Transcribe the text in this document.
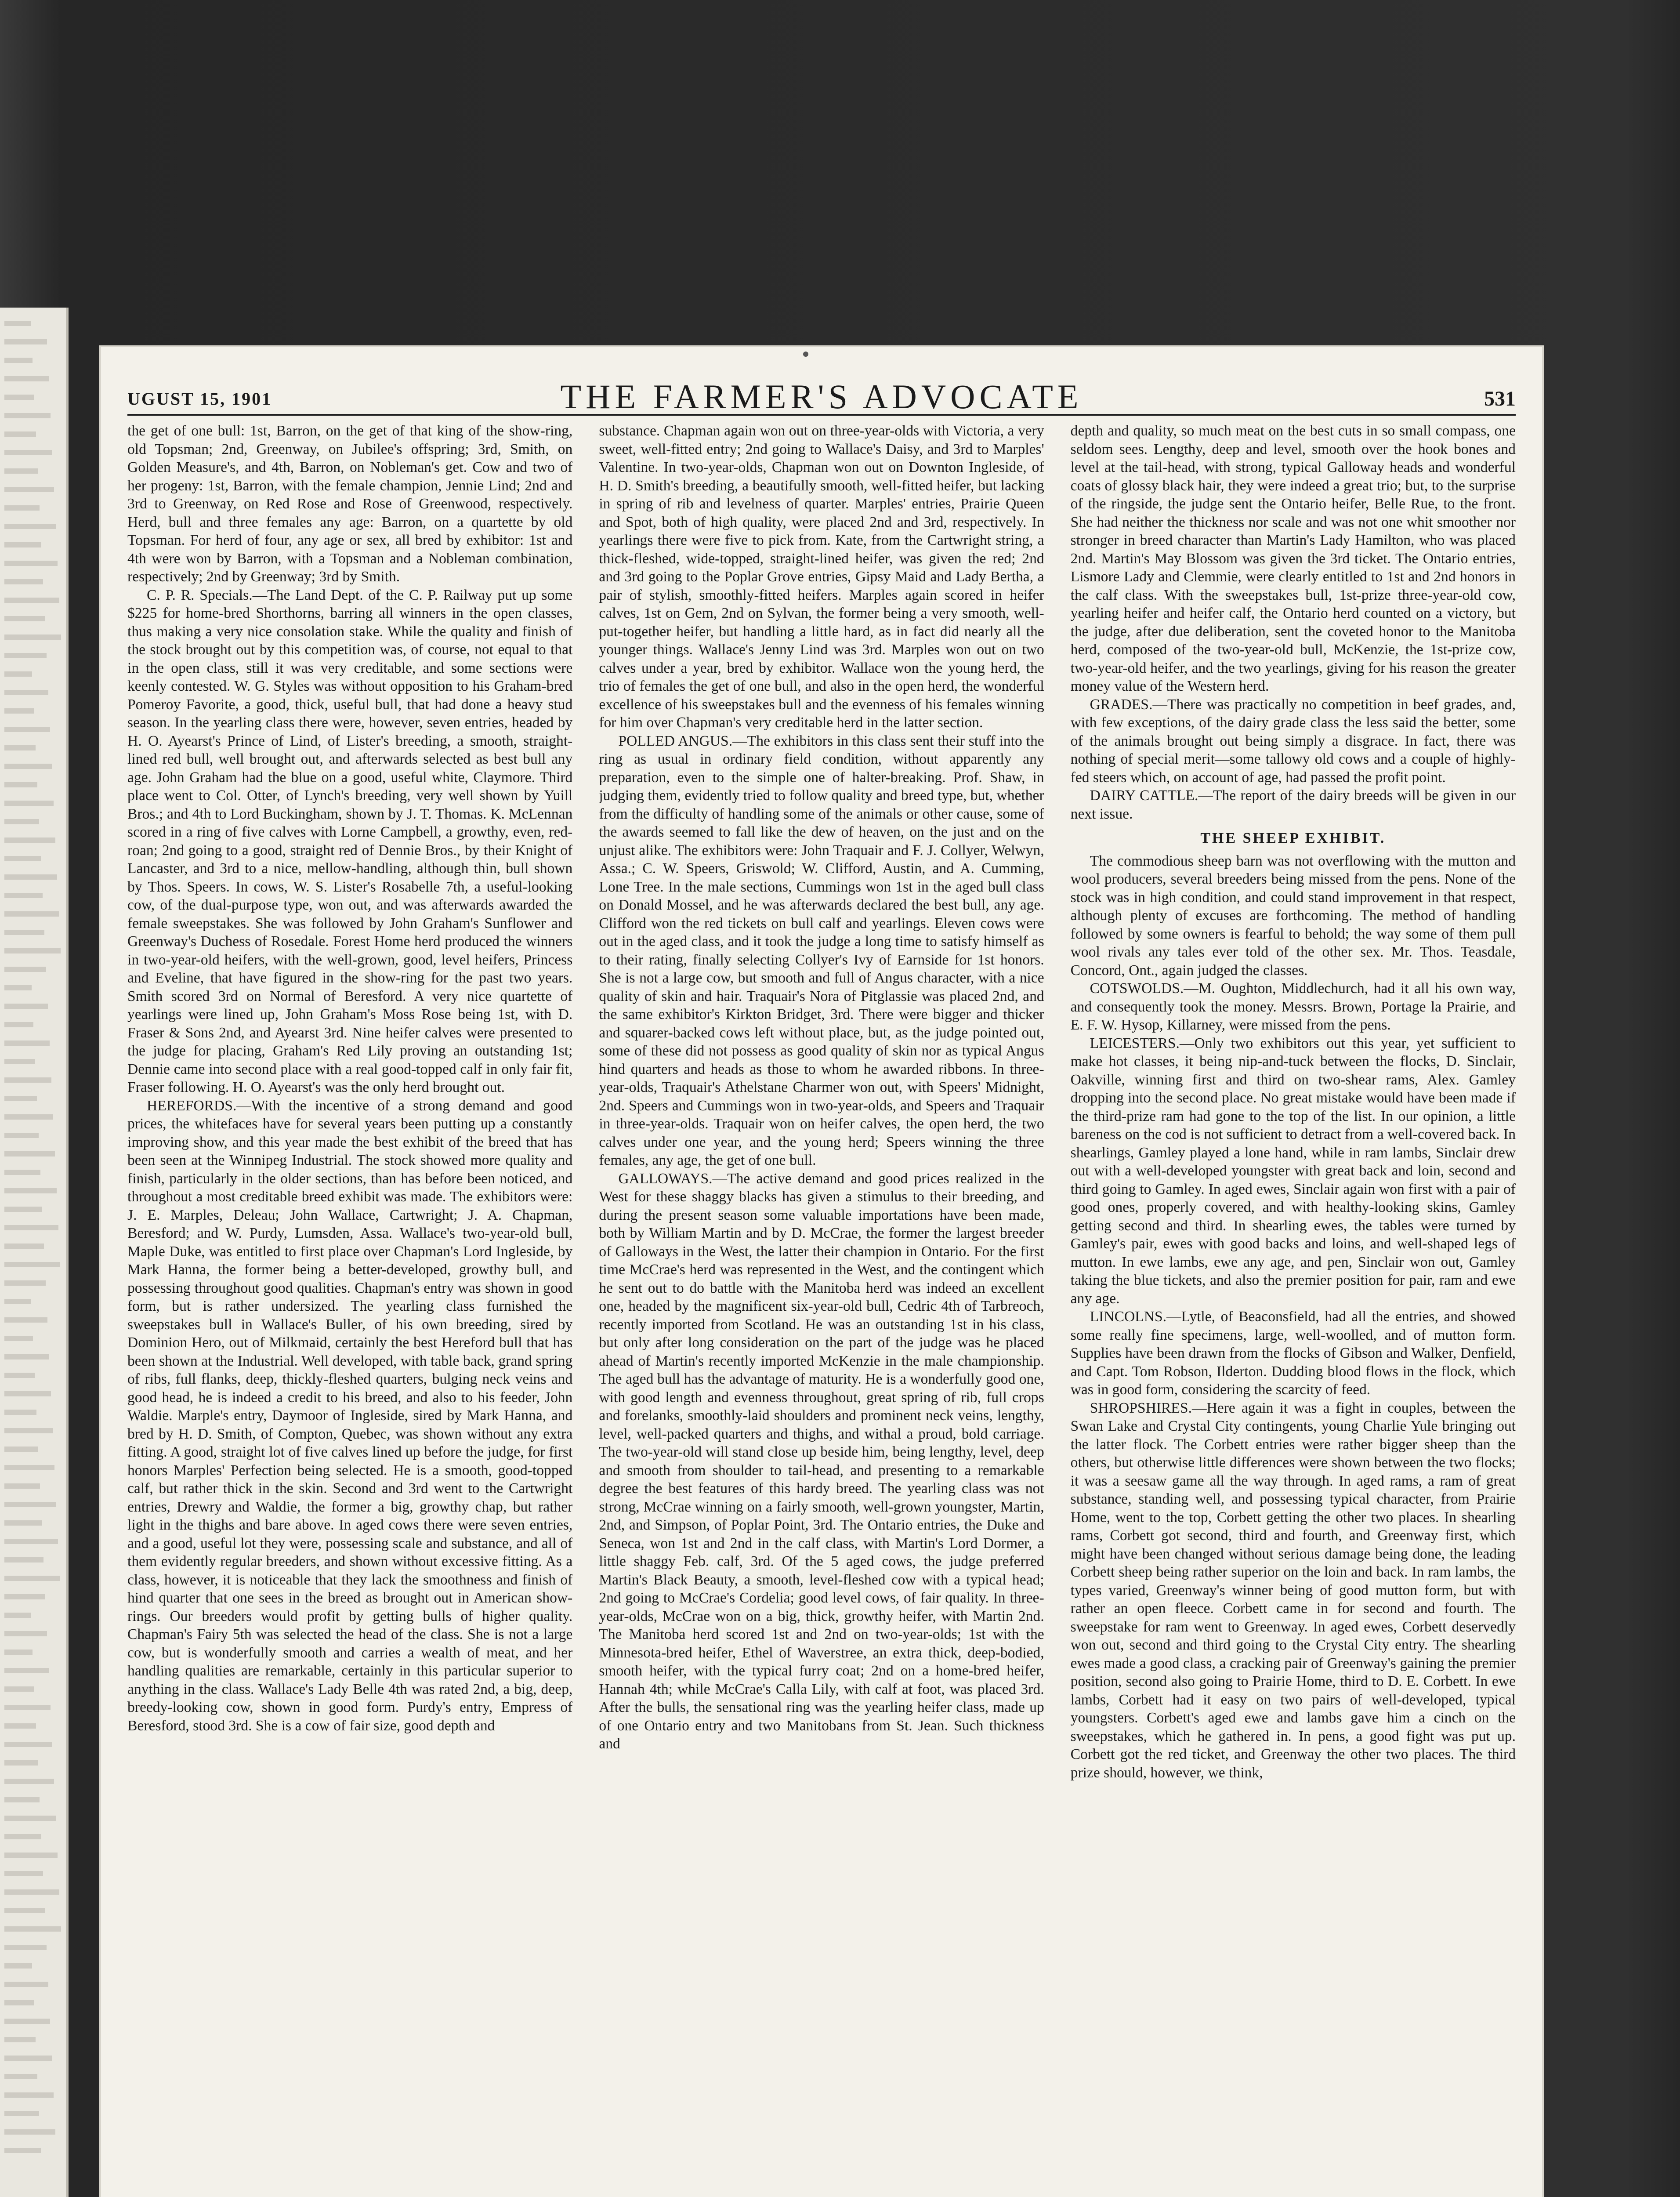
UGUST 15, 1901	THE FARMER'S ADVOCATE	531

the get of one bull: 1st, Barron, on the get of that king of the show-ring, old Topsman; 2nd, Greenway, on Jubilee's offspring; 3rd, Smith, on Golden Measure's, and 4th, Barron, on Nobleman's get. Cow and two of her progeny: 1st, Barron, with the female champion, Jennie Lind; 2nd and 3rd to Greenway, on Red Rose and Rose of Greenwood, respectively. Herd, bull and three females any age: Barron, on a quartette by old Topsman. For herd of four, any age or sex, all bred by exhibitor: 1st and 4th were won by Barron, with a Topsman and a Nobleman combination, respectively; 2nd by Greenway; 3rd by Smith.

C. P. R. Specials.—The Land Dept. of the C. P. Railway put up some $225 for home-bred Shorthorns, barring all winners in the open classes, thus making a very nice consolation stake. While the quality and finish of the stock brought out by this competition was, of course, not equal to that in the open class, still it was very creditable, and some sections were keenly contested. W. G. Styles was without opposition to his Graham-bred Pomeroy Favorite, a good, thick, useful bull, that had done a heavy stud season. In the yearling class there were, however, seven entries, headed by H. O. Ayearst's Prince of Lind, of Lister's breeding, a smooth, straight-lined red bull, well brought out, and afterwards selected as best bull any age. John Graham had the blue on a good, useful white, Claymore. Third place went to Col. Otter, of Lynch's breeding, very well shown by Yuill Bros.; and 4th to Lord Buckingham, shown by J. T. Thomas. K. McLennan scored in a ring of five calves with Lorne Campbell, a growthy, even, red-roan; 2nd going to a good, straight red of Dennie Bros., by their Knight of Lancaster, and 3rd to a nice, mellow-handling, although thin, bull shown by Thos. Speers. In cows, W. S. Lister's Rosabelle 7th, a useful-looking cow, of the dual-purpose type, won out, and was afterwards awarded the female sweepstakes. She was followed by John Graham's Sunflower and Greenway's Duchess of Rosedale. Forest Home herd produced the winners in two-year-old heifers, with the well-grown, good, level heifers, Princess and Eveline, that have figured in the show-ring for the past two years. Smith scored 3rd on Normal of Beresford. A very nice quartette of yearlings were lined up, John Graham's Moss Rose being 1st, with D. Fraser & Sons 2nd, and Ayearst 3rd. Nine heifer calves were presented to the judge for placing, Graham's Red Lily proving an outstanding 1st; Dennie came into second place with a real good-topped calf in only fair fit, Fraser following. H. O. Ayearst's was the only herd brought out.

HEREFORDS.—With the incentive of a strong demand and good prices, the whitefaces have for several years been putting up a constantly improving show, and this year made the best exhibit of the breed that has been seen at the Winnipeg Industrial. The stock showed more quality and finish, particularly in the older sections, than has before been noticed, and throughout a most creditable breed exhibit was made. The exhibitors were: J. E. Marples, Deleau; John Wallace, Cartwright; J. A. Chapman, Beresford; and W. Purdy, Lumsden, Assa. Wallace's two-year-old bull, Maple Duke, was entitled to first place over Chapman's Lord Ingleside, by Mark Hanna, the former being a better-developed, growthy bull, and possessing throughout good qualities. Chapman's entry was shown in good form, but is rather undersized. The yearling class furnished the sweepstakes bull in Wallace's Buller, of his own breeding, sired by Dominion Hero, out of Milkmaid, certainly the best Hereford bull that has been shown at the Industrial. Well developed, with table back, grand spring of ribs, full flanks, deep, thickly-fleshed quarters, bulging neck veins and good head, he is indeed a credit to his breed, and also to his feeder, John Waldie. Marple's entry, Daymoor of Ingleside, sired by Mark Hanna, and bred by H. D. Smith, of Compton, Quebec, was shown without any extra fitting. A good, straight lot of five calves lined up before the judge, for first honors Marples' Perfection being selected. He is a smooth, good-topped calf, but rather thick in the skin. Second and 3rd went to the Cartwright entries, Drewry and Waldie, the former a big, growthy chap, but rather light in the thighs and bare above. In aged cows there were seven entries, and a good, useful lot they were, possessing scale and substance, and all of them evidently regular breeders, and shown without excessive fitting. As a class, however, it is noticeable that they lack the smoothness and finish of hind quarter that one sees in the breed as brought out in American show-rings. Our breeders would profit by getting bulls of higher quality. Chapman's Fairy 5th was selected the head of the class. She is not a large cow, but is wonderfully smooth and carries a wealth of meat, and her handling qualities are remarkable, certainly in this particular superior to anything in the class. Wallace's Lady Belle 4th was rated 2nd, a big, deep, breedy-looking cow, shown in good form. Purdy's entry, Empress of Beresford, stood 3rd. She is a cow of fair size, good depth and

substance. Chapman again won out on three-year-olds with Victoria, a very sweet, well-fitted entry; 2nd going to Wallace's Daisy, and 3rd to Marples' Valentine. In two-year-olds, Chapman won out on Downton Ingleside, of H. D. Smith's breeding, a beautifully smooth, well-fitted heifer, but lacking in spring of rib and levelness of quarter. Marples' entries, Prairie Queen and Spot, both of high quality, were placed 2nd and 3rd, respectively. In yearlings there were five to pick from. Kate, from the Cartwright string, a thick-fleshed, wide-topped, straight-lined heifer, was given the red; 2nd and 3rd going to the Poplar Grove entries, Gipsy Maid and Lady Bertha, a pair of stylish, smoothly-fitted heifers. Marples again scored in heifer calves, 1st on Gem, 2nd on Sylvan, the former being a very smooth, well-put-together heifer, but handling a little hard, as in fact did nearly all the younger things. Wallace's Jenny Lind was 3rd. Marples won out on two calves under a year, bred by exhibitor. Wallace won the young herd, the trio of females the get of one bull, and also in the open herd, the wonderful excellence of his sweepstakes bull and the evenness of his females winning for him over Chapman's very creditable herd in the latter section.

POLLED ANGUS.—The exhibitors in this class sent their stuff into the ring as usual in ordinary field condition, without apparently any preparation, even to the simple one of halter-breaking. Prof. Shaw, in judging them, evidently tried to follow quality and breed type, but, whether from the difficulty of handling some of the animals or other cause, some of the awards seemed to fall like the dew of heaven, on the just and on the unjust alike. The exhibitors were: John Traquair and F. J. Collyer, Welwyn, Assa.; C. W. Speers, Griswold; W. Clifford, Austin, and A. Cumming, Lone Tree. In the male sections, Cummings won 1st in the aged bull class on Donald Mossel, and he was afterwards declared the best bull, any age. Clifford won the red tickets on bull calf and yearlings. Eleven cows were out in the aged class, and it took the judge a long time to satisfy himself as to their rating, finally selecting Collyer's Ivy of Earnside for 1st honors. She is not a large cow, but smooth and full of Angus character, with a nice quality of skin and hair. Traquair's Nora of Pitglassie was placed 2nd, and the same exhibitor's Kirkton Bridget, 3rd. There were bigger and thicker and squarer-backed cows left without place, but, as the judge pointed out, some of these did not possess as good quality of skin nor as typical Angus hind quarters and heads as those to whom he awarded ribbons. In three-year-olds, Traquair's Athelstane Charmer won out, with Speers' Midnight, 2nd. Speers and Cummings won in two-year-olds, and Speers and Traquair in three-year-olds. Traquair won on heifer calves, the open herd, the two calves under one year, and the young herd; Speers winning the three females, any age, the get of one bull.

GALLOWAYS.—The active demand and good prices realized in the West for these shaggy blacks has given a stimulus to their breeding, and during the present season some valuable importations have been made, both by William Martin and by D. McCrae, the former the largest breeder of Galloways in the West, the latter their champion in Ontario. For the first time McCrae's herd was represented in the West, and the contingent which he sent out to do battle with the Manitoba herd was indeed an excellent one, headed by the magnificent six-year-old bull, Cedric 4th of Tarbreoch, recently imported from Scotland. He was an outstanding 1st in his class, but only after long consideration on the part of the judge was he placed ahead of Martin's recently imported McKenzie in the male championship. The aged bull has the advantage of maturity. He is a wonderfully good one, with good length and evenness throughout, great spring of rib, full crops and forelanks, smoothly-laid shoulders and prominent neck veins, lengthy, level, well-packed quarters and thighs, and withal a proud, bold carriage. The two-year-old will stand close up beside him, being lengthy, level, deep and smooth from shoulder to tail-head, and presenting to a remarkable degree the best features of this hardy breed. The yearling class was not strong, McCrae winning on a fairly smooth, well-grown youngster, Martin, 2nd, and Simpson, of Poplar Point, 3rd. The Ontario entries, the Duke and Seneca, won 1st and 2nd in the calf class, with Martin's Lord Dormer, a little shaggy Feb. calf, 3rd. Of the 5 aged cows, the judge preferred Martin's Black Beauty, a smooth, level-fleshed cow with a typical head; 2nd going to McCrae's Cordelia; good level cows, of fair quality. In three-year-olds, McCrae won on a big, thick, growthy heifer, with Martin 2nd. The Manitoba herd scored 1st and 2nd on two-year-olds; 1st with the Minnesota-bred heifer, Ethel of Waverstree, an extra thick, deep-bodied, smooth heifer, with the typical furry coat; 2nd on a home-bred heifer, Hannah 4th; while McCrae's Calla Lily, with calf at foot, was placed 3rd. After the bulls, the sensational ring was the yearling heifer class, made up of one Ontario entry and two Manitobans from St. Jean. Such thickness and

depth and quality, so much meat on the best cuts in so small compass, one seldom sees. Lengthy, deep and level, smooth over the hook bones and level at the tail-head, with strong, typical Galloway heads and wonderful coats of glossy black hair, they were indeed a great trio; but, to the surprise of the ringside, the judge sent the Ontario heifer, Belle Rue, to the front. She had neither the thickness nor scale and was not one whit smoother nor stronger in breed character than Martin's Lady Hamilton, who was placed 2nd. Martin's May Blossom was given the 3rd ticket. The Ontario entries, Lismore Lady and Clemmie, were clearly entitled to 1st and 2nd honors in the calf class. With the sweepstakes bull, 1st-prize three-year-old cow, yearling heifer and heifer calf, the Ontario herd counted on a victory, but the judge, after due deliberation, sent the coveted honor to the Manitoba herd, composed of the two-year-old bull, McKenzie, the 1st-prize cow, two-year-old heifer, and the two yearlings, giving for his reason the greater money value of the Western herd.

GRADES.—There was practically no competition in beef grades, and, with few exceptions, of the dairy grade class the less said the better, some of the animals brought out being simply a disgrace. In fact, there was nothing of special merit—some tallowy old cows and a couple of highly-fed steers which, on account of age, had passed the profit point.

DAIRY CATTLE.—The report of the dairy breeds will be given in our next issue.

THE SHEEP EXHIBIT.

The commodious sheep barn was not overflowing with the mutton and wool producers, several breeders being missed from the pens. None of the stock was in high condition, and could stand improvement in that respect, although plenty of excuses are forthcoming. The method of handling followed by some owners is fearful to behold; the way some of them pull wool rivals any tales ever told of the other sex. Mr. Thos. Teasdale, Concord, Ont., again judged the classes.

COTSWOLDS.—M. Oughton, Middlechurch, had it all his own way, and consequently took the money. Messrs. Brown, Portage la Prairie, and E. F. W. Hysop, Killarney, were missed from the pens.

LEICESTERS.—Only two exhibitors out this year, yet sufficient to make hot classes, it being nip-and-tuck between the flocks, D. Sinclair, Oakville, winning first and third on two-shear rams, Alex. Gamley dropping into the second place. No great mistake would have been made if the third-prize ram had gone to the top of the list. In our opinion, a little bareness on the cod is not sufficient to detract from a well-covered back. In shearlings, Gamley played a lone hand, while in ram lambs, Sinclair drew out with a well-developed youngster with great back and loin, second and third going to Gamley. In aged ewes, Sinclair again won first with a pair of good ones, properly covered, and with healthy-looking skins, Gamley getting second and third. In shearling ewes, the tables were turned by Gamley's pair, ewes with good backs and loins, and well-shaped legs of mutton. In ewe lambs, ewe any age, and pen, Sinclair won out, Gamley taking the blue tickets, and also the premier position for pair, ram and ewe any age.

LINCOLNS.—Lytle, of Beaconsfield, had all the entries, and showed some really fine specimens, large, well-woolled, and of mutton form. Supplies have been drawn from the flocks of Gibson and Walker, Denfield, and Capt. Tom Robson, Ilderton. Dudding blood flows in the flock, which was in good form, considering the scarcity of feed.

SHROPSHIRES.—Here again it was a fight in couples, between the Swan Lake and Crystal City contingents, young Charlie Yule bringing out the latter flock. The Corbett entries were rather bigger sheep than the others, but otherwise little differences were shown between the two flocks; it was a seesaw game all the way through. In aged rams, a ram of great substance, standing well, and possessing typical character, from Prairie Home, went to the top, Corbett getting the other two places. In shearling rams, Corbett got second, third and fourth, and Greenway first, which might have been changed without serious damage being done, the leading Corbett sheep being rather superior on the loin and back. In ram lambs, the types varied, Greenway's winner being of good mutton form, but with rather an open fleece. Corbett came in for second and fourth. The sweepstake for ram went to Greenway. In aged ewes, Corbett deservedly won out, second and third going to the Crystal City entry. The shearling ewes made a good class, a cracking pair of Greenway's gaining the premier position, second also going to Prairie Home, third to D. E. Corbett. In ewe lambs, Corbett had it easy on two pairs of well-developed, typical youngsters. Corbett's aged ewe and lambs gave him a cinch on the sweepstakes, which he gathered in. In pens, a good fight was put up. Corbett got the red ticket, and Greenway the other two places. The third prize should, however, we think,
